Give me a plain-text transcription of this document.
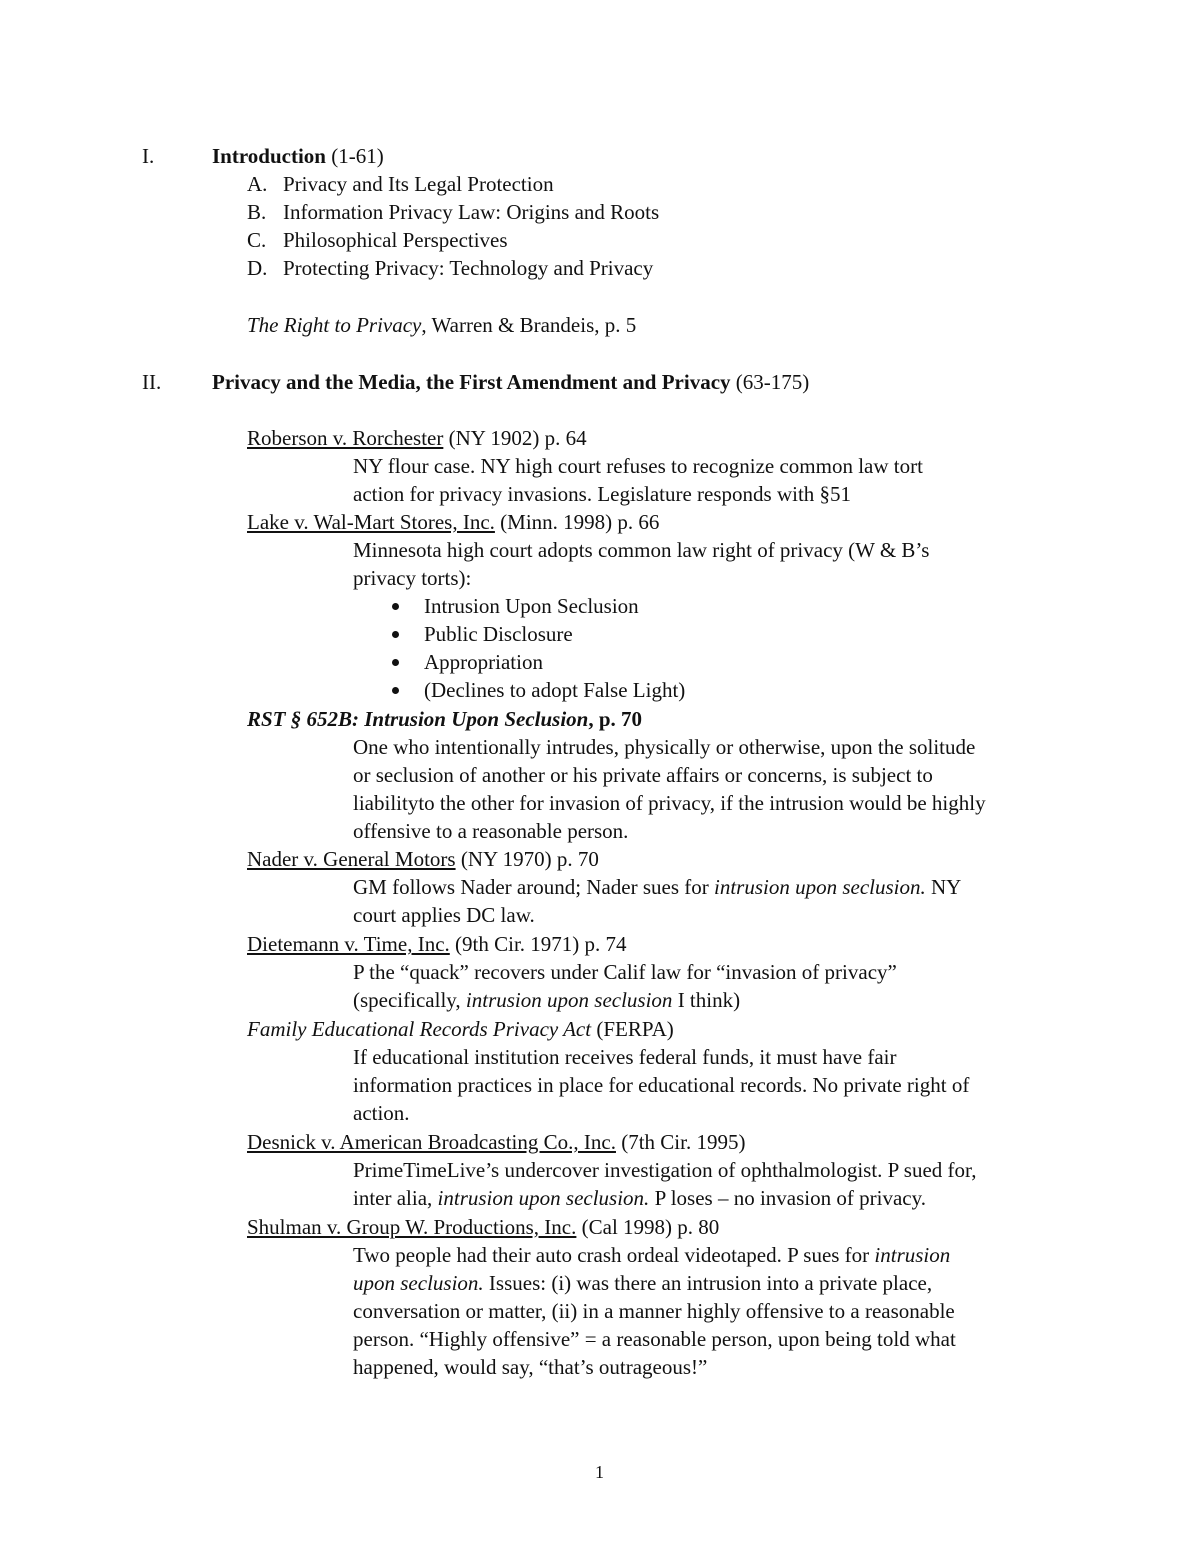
I.	Introduction (1-61)
A. Privacy and Its Legal Protection
B. Information Privacy Law: Origins and Roots
C. Philosophical Perspectives
D. Protecting Privacy: Technology and Privacy
The Right to Privacy, Warren & Brandeis, p. 5
II. Privacy and the Media, the First Amendment and Privacy (63-175)
Roberson v. Rorchester (NY 1902) p. 64
NY flour case. NY high court refuses to recognize common law tort
action for privacy invasions. Legislature responds with §51
Lake v. Wal-Mart Stores, Inc. (Minn. 1998) p. 66
Minnesota high court adopts common law right of privacy (W & B’s
privacy torts):
Intrusion Upon Seclusion
Public Disclosure
Appropriation
(Declines to adopt False Light)
RST § 652B: Intrusion Upon Seclusion, p. 70
One who intentionally intrudes, physically or otherwise, upon the solitude
or seclusion of another or his private affairs or concerns, is subject to
liabilityto the other for invasion of privacy, if the intrusion would be highly
offensive to a reasonable person.
Nader v. General Motors (NY 1970) p. 70
GM follows Nader around; Nader sues for intrusion upon seclusion. NY
court applies DC law.
Dietemann v. Time, Inc. (9th Cir. 1971) p. 74
P the “quack” recovers under Calif law for “invasion of privacy”
(specifically, intrusion upon seclusion I think)
Family Educational Records Privacy Act (FERPA)
If educational institution receives federal funds, it must have fair
information practices in place for educational records. No private right of
action.
Desnick v. American Broadcasting Co., Inc. (7th Cir. 1995)
PrimeTimeLive’s undercover investigation of ophthalmologist. P sued for,
inter alia, intrusion upon seclusion. P loses – no invasion of privacy.
Shulman v. Group W. Productions, Inc. (Cal 1998) p. 80
Two people had their auto crash ordeal videotaped. P sues for intrusion
upon seclusion. Issues: (i) was there an intrusion into a private place,
conversation or matter, (ii) in a manner highly offensive to a reasonable
person. “Highly offensive” = a reasonable person, upon being told what
happened, would say, “that’s outrageous!”
1
